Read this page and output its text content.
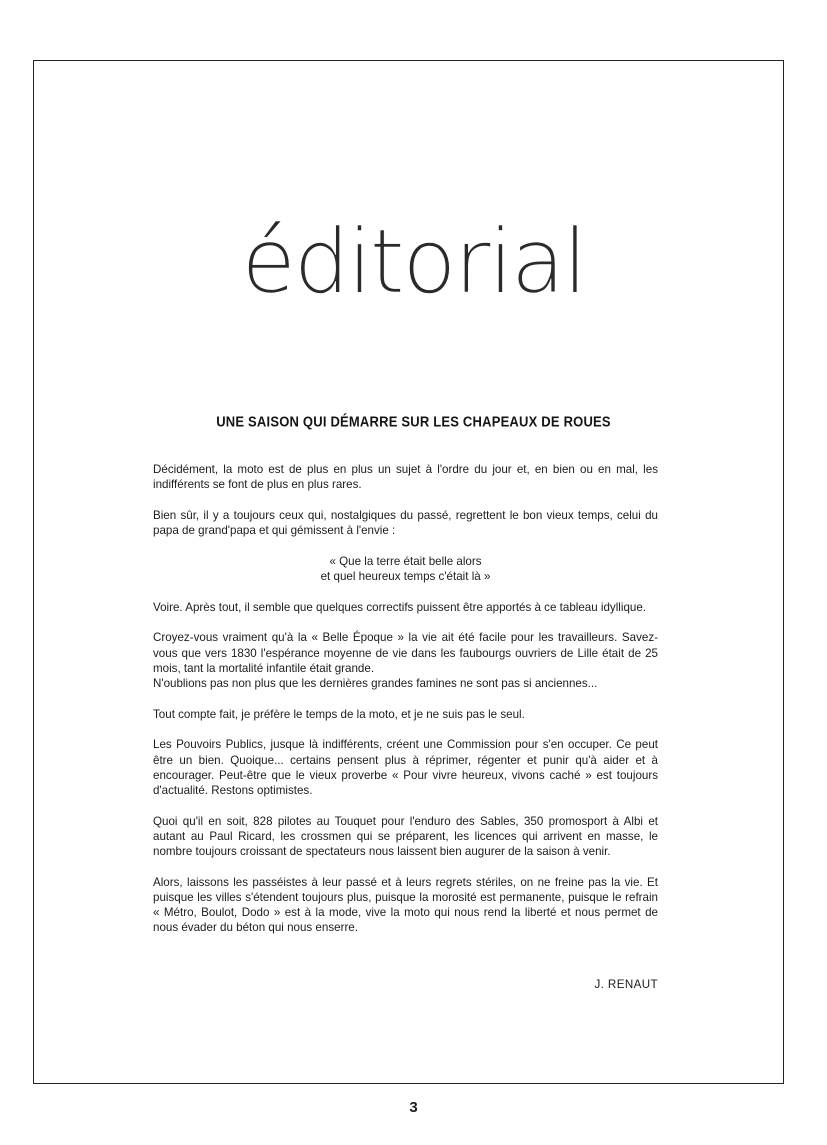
éditorial
UNE SAISON QUI DÉMARRE SUR LES CHAPEAUX DE ROUES

Décidément, la moto est de plus en plus un sujet à l'ordre du jour et, en bien ou en mal, les indifférents se font de plus en plus rares.

Bien sûr, il y a toujours ceux qui, nostalgiques du passé, regrettent le bon vieux temps, celui du papa de grand'papa et qui gémissent à l'envie :

« Que la terre était belle alors
et quel heureux temps c'était là »

Voire. Après tout, il semble que quelques correctifs puissent être apportés à ce tableau idyllique.

Croyez-vous vraiment qu'à la « Belle Époque » la vie ait été facile pour les travailleurs. Savez-vous que vers 1830 l'espérance moyenne de vie dans les faubourgs ouvriers de Lille était de 25 mois, tant la mortalité infantile était grande.

N'oublions pas non plus que les dernières grandes famines ne sont pas si anciennes...

Tout compte fait, je préfère le temps de la moto, et je ne suis pas le seul.

Les Pouvoirs Publics, jusque là indifférents, créent une Commission pour s'en occuper. Ce peut être un bien. Quoique... certains pensent plus à réprimer, régenter et punir qu'à aider et à encourager. Peut-être que le vieux proverbe « Pour vivre heureux, vivons caché » est toujours d'actualité. Restons optimistes.

Quoi qu'il en soit, 828 pilotes au Touquet pour l'enduro des Sables, 350 promosport à Albi et autant au Paul Ricard, les crossmen qui se préparent, les licences qui arrivent en masse, le nombre toujours croissant de spectateurs nous laissent bien augurer de la saison à venir.

Alors, laissons les passéistes à leur passé et à leurs regrets stériles, on ne freine pas la vie. Et puisque les villes s'étendent toujours plus, puisque la morosité est permanente, puisque le refrain « Métro, Boulot, Dodo » est à la mode, vive la moto qui nous rend la liberté et nous permet de nous évader du béton qui nous enserre.

J. RENAUT
3
